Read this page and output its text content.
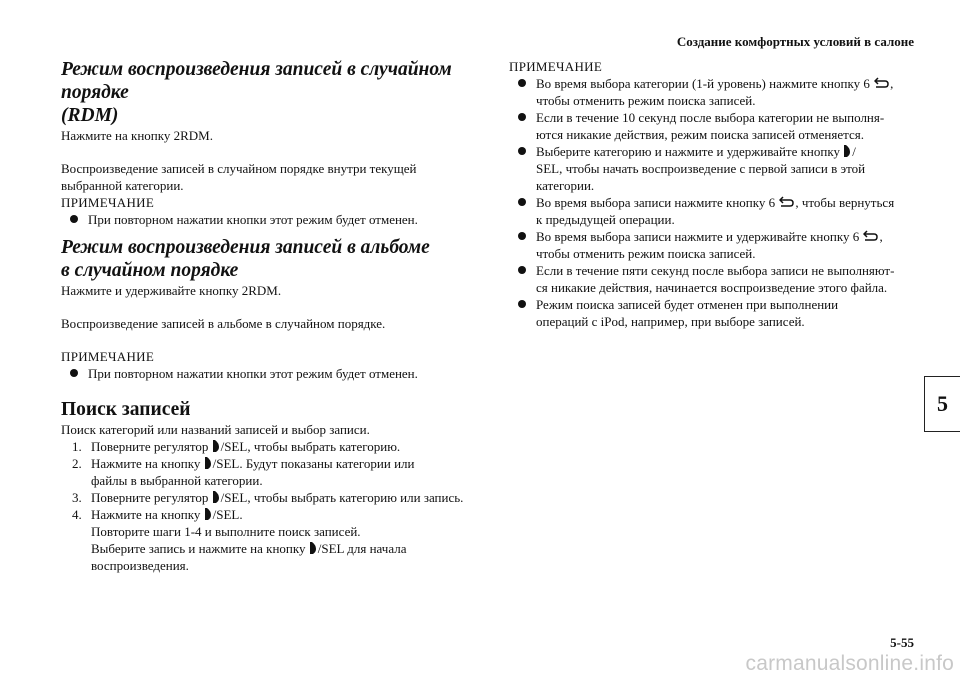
Создание комфортных условий в салоне
5
Режим воспроизведения записей в случайном порядке
(RDM)

Нажмите на кнопку 2RDM.

Воспроизведение записей в случайном порядке внутри текущей
выбранной категории.

ПРИМЕЧАНИЕ
При повторном нажатии кнопки этот режим будет отменен.
Режим воспроизведения записей в альбоме
в случайном порядке

Нажмите и удерживайте кнопку 2RDM.

Воспроизведение записей в альбоме в случайном порядке.

ПРИМЕЧАНИЕ
При повторном нажатии кнопки этот режим будет отменен.
Поиск записей

Поиск категорий или названий записей и выбор записи.

1. Поверните регулятор /SEL, чтобы выбрать категорию.
2. Нажмите на кнопку /SEL. Будут показаны категории или
файлы в выбранной категории.
3. Поверните регулятор /SEL, чтобы выбрать категорию или запись.
4. Нажмите на кнопку /SEL.
Повторите шаги 1-4 и выполните поиск записей.
Выберите запись и нажмите на кнопку /SEL для начала
воспроизведения.
ПРИМЕЧАНИЕ
Во время выбора категории (1-й уровень) нажмите кнопку 6 ,
чтобы отменить режим поиска записей.
Если в течение 10 секунд после выбора категории не выполня-
ются никакие действия, режим поиска записей отменяется.
Выберите категорию и нажмите и удерживайте кнопку /
SEL, чтобы начать воспроизведение с первой записи в этой
категории.
Во время выбора записи нажмите кнопку 6 , чтобы вернуться
к предыдущей операции.
Во время выбора записи нажмите и удерживайте кнопку 6 ,
чтобы отменить режим поиска записей.
Если в течение пяти секунд после выбора записи не выполняют-
ся никакие действия, начинается воспроизведение этого файла.
Режим поиска записей будет отменен при выполнении
операций с iPod, например, при выборе записей.
5-55
carmanualsonline.info
